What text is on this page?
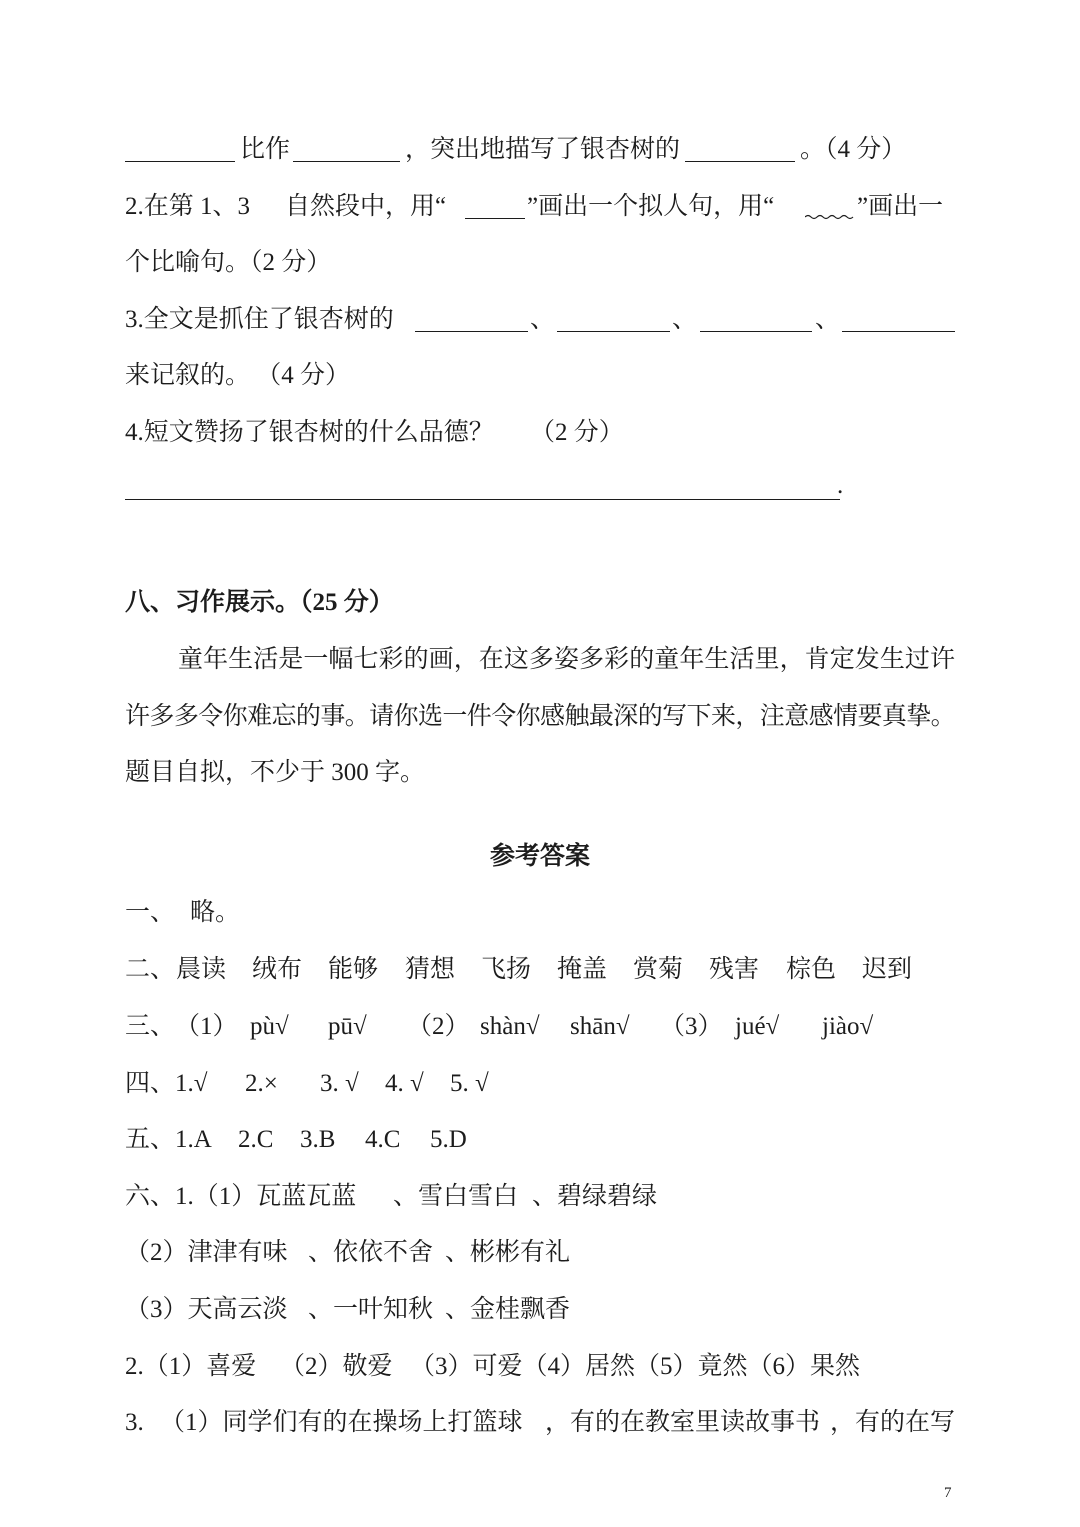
比作	，突出地描写了银杏树的	。（4 分）
2.在第 1、3 自然段中，用“	”画出一个拟人句，用“	”画出一
个比喻句。（2 分）
3.全文是抓住了银杏树的	、	、	、
来记叙的。 （4 分）
4.短文赞扬了银杏树的什么品德？ （2 分）
.
八、习作展示。（25 分）
童年生活是一幅七彩的画，在这多姿多彩的童年生活里，肯定发生过许
许多多令你难忘的事。请你选一件令你感触最深的写下来，注意感情要真挚。
题目自拟，不少于 300 字。
参考答案
一、 略。
二、 晨读 绒布 能够 猜想 飞扬 掩盖 赏菊 残害 棕色 迟到
三、 （1） pù√ pū√ （2） shàn√ shān√ （3） jué√ jiào√
四、1.√ 2.× 3. √ 4. √ 5. √
五、1.A 2.C 3.B 4.C 5.D
六、1.（1）瓦蓝瓦蓝 、雪白雪白 、碧绿碧绿
（2）津津有味 、依依不舍 、彬彬有礼
（3）天高云淡 、一叶知秋 、金桂飘香
2.（1）喜爱 （2）敬爱 （3）可爱（4）居然（5）竟然（6）果然
3. （1）同学们有的在操场上打篮球 ，有的在教室里读故事书 ，有的在写
7
